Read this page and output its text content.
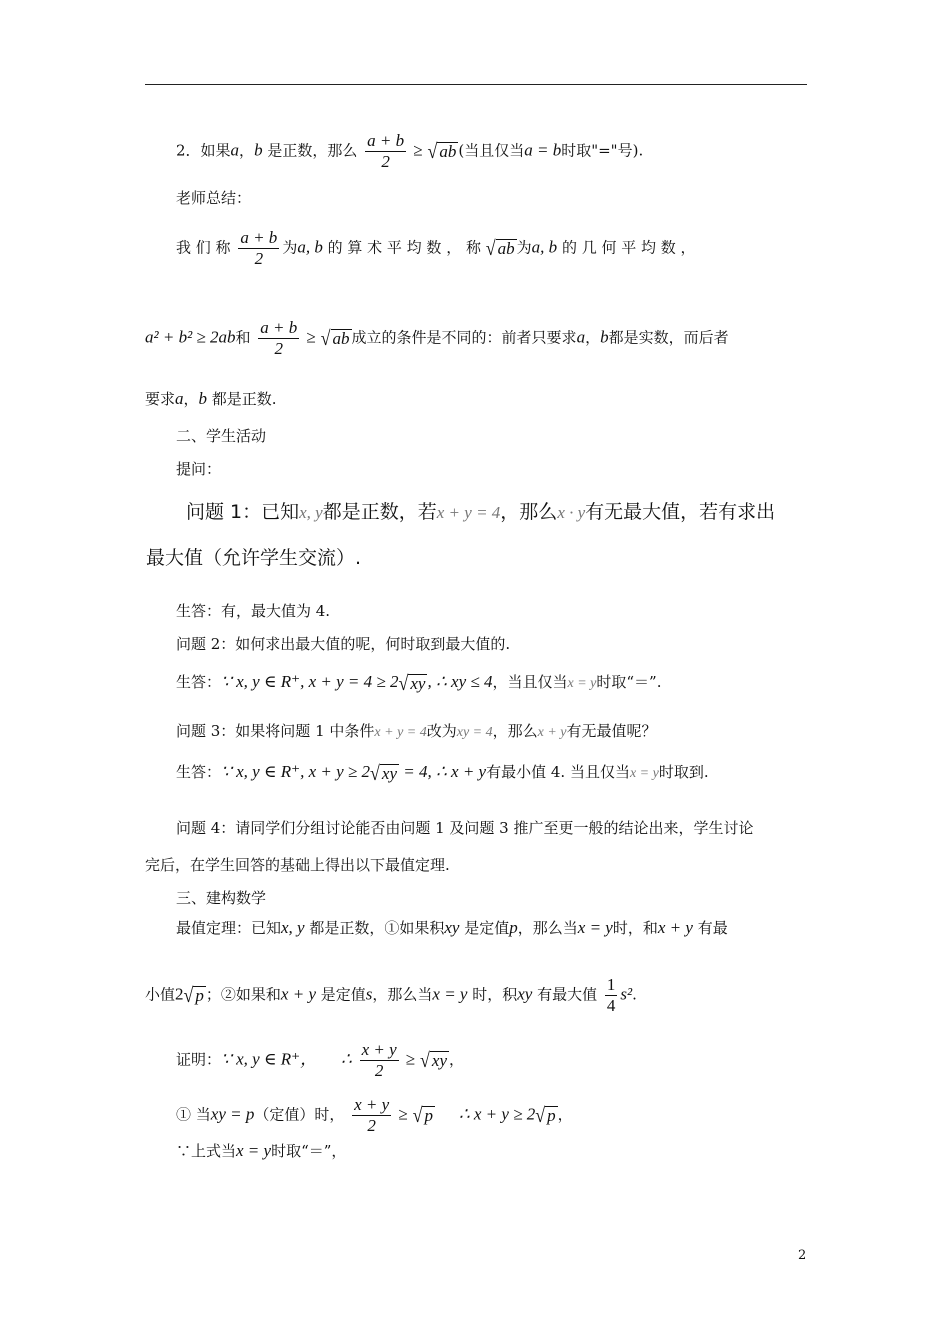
2．如果a，b 是正数，那么 $\frac{a + b}{2}$ ≥ √ ab (当且仅当a = b时取"="号).
老师总结：
我 们 称 $\frac{a + b}{2}$ 为a, b 的 算 术 平 均 数 ， 称 √ ab 为a, b 的 几 何 平 均 数 ，
a² + b² ≥ 2ab和 $\frac{a + b}{2}$ ≥ √ ab 成立的条件是不同的：前者只要求a，b都是实数，而后者
要求a，b 都是正数.
二、学生活动
提问：
问题 1：已知x, y都是正数，若x + y = 4，那么x · y有无最大值，若有求出
最大值（允许学生交流）.
生答：有，最大值为 4.
问题 2：如何求出最大值的呢，何时取到最大值的.
生答：∵ x, y ∈ R⁺, x + y = 4 ≥ 2√ xy , ∴ xy ≤ 4，当且仅当x = y时取“＝”.
问题 3：如果将问题 1 中条件x + y = 4改为xy = 4，那么x + y有无最值呢？
生答：∵ x, y ∈ R⁺, x + y ≥ 2√ xy = 4, ∴ x + y有最小值 4. 当且仅当x = y时取到.
问题 4：请同学们分组讨论能否由问题 1 及问题 3 推广至更一般的结论出来，学生讨论
完后，在学生回答的基础上得出以下最值定理.
三、建构数学
最值定理：已知x, y 都是正数，①如果积xy 是定值p，那么当x = y时，和x + y 有最
小值2√ p ；②如果和x + y 是定值s，那么当x = y 时，积xy 有最大值 $\frac{1}{4} s^2$.
证明：∵ x, y ∈ R⁺， ∴ $\frac{x + y}{2}$ ≥ √ xy ，
① 当xy = p（定值）时， $\frac{x + y}{2}$ ≥ √ p ∴ x + y ≥ 2√ p ，
∵上式当x = y时取“＝”，
2
